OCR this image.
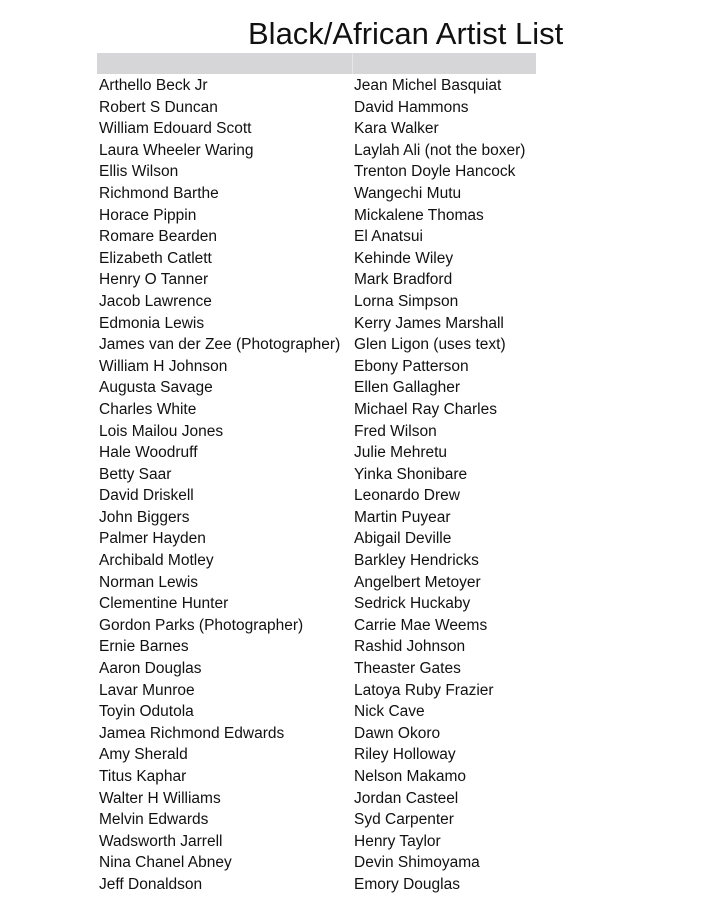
Black/African Artist List
Arthello Beck Jr	Jean Michel Basquiat
Robert S Duncan	David Hammons
William Edouard Scott	Kara Walker
Laura Wheeler Waring	Laylah Ali (not the boxer)
Ellis Wilson	Trenton Doyle Hancock
Richmond Barthe	Wangechi Mutu
Horace Pippin	Mickalene Thomas
Romare Bearden	El Anatsui
Elizabeth Catlett	Kehinde Wiley
Henry O Tanner	Mark Bradford
Jacob Lawrence	Lorna Simpson
Edmonia Lewis	Kerry James Marshall
James van der Zee (Photographer)	Glen Ligon (uses text)
William H Johnson	Ebony Patterson
Augusta Savage	Ellen Gallagher
Charles White	Michael Ray Charles
Lois Mailou Jones	Fred Wilson
Hale Woodruff	Julie Mehretu
Betty Saar	Yinka Shonibare
David Driskell	Leonardo Drew
John Biggers	Martin Puyear
Palmer Hayden	Abigail Deville
Archibald Motley	Barkley Hendricks
Norman Lewis	Angelbert Metoyer
Clementine Hunter	Sedrick Huckaby
Gordon Parks (Photographer)	Carrie Mae Weems
Ernie Barnes	Rashid Johnson
Aaron Douglas	Theaster Gates
Lavar Munroe	Latoya Ruby Frazier
Toyin Odutola	Nick Cave
Jamea Richmond Edwards	Dawn Okoro
Amy Sherald	Riley Holloway
Titus Kaphar	Nelson Makamo
Walter H Williams	Jordan Casteel
Melvin Edwards	Syd Carpenter
Wadsworth Jarrell	Henry Taylor
Nina Chanel Abney	Devin Shimoyama
Jeff Donaldson	Emory Douglas
